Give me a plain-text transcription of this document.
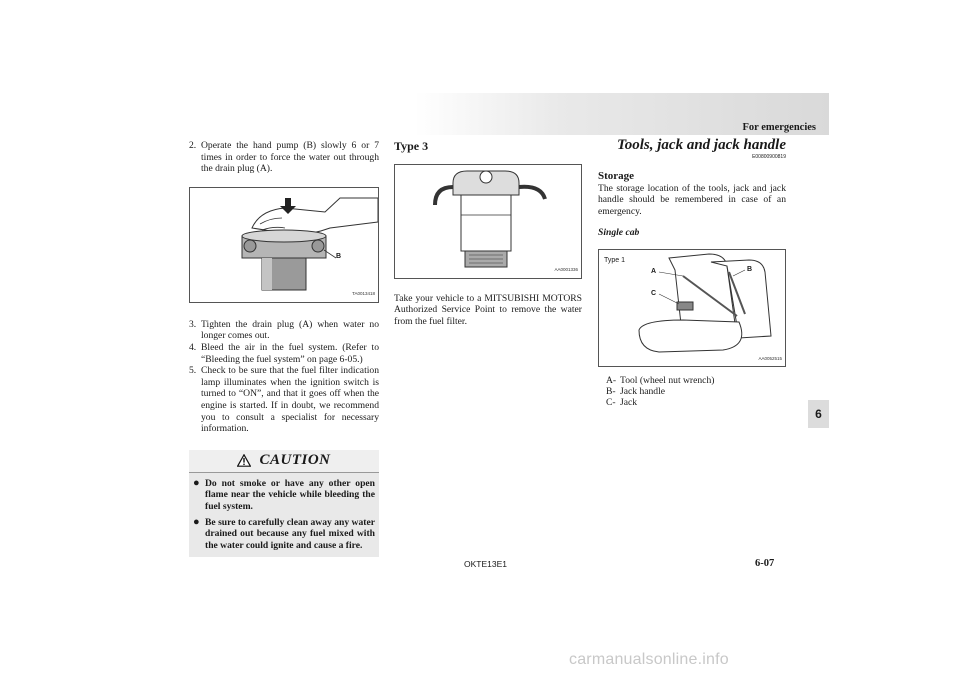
For emergencies
2. Operate the hand pump (B) slowly 6 or 7 times in order to force the water out through the drain plug (A).
B
TA0013418
3. Tighten the drain plug (A) when water no longer comes out.
4. Bleed the air in the fuel system. (Refer to “Bleeding the fuel system” on page 6-05.)
5. Check to be sure that the fuel filter indication lamp illuminates when the ignition switch is turned to “ON”, and that it goes off when the engine is started. If in doubt, we recommend you to consult a specialist for necessary information.
CAUTION
● Do not smoke or have any other open flame near the vehicle while bleeding the fuel system.
● Be sure to carefully clean away any water drained out because any fuel mixed with the water could ignite and cause a fire.
Type 3
AA0001336
Take your vehicle to a MITSUBISHI MOTORS Authorized Service Point to remove the water from the fuel filter.
Tools, jack and jack handle
E00800900819
Storage
The storage location of the tools, jack and jack handle should be remembered in case of an emergency.
Single cab
Type 1
A	B
C
AA0052515
A- Tool (wheel nut wrench)
B- Jack handle
C- Jack
6
OKTE13E1	6-07
carmanualsonline.info
